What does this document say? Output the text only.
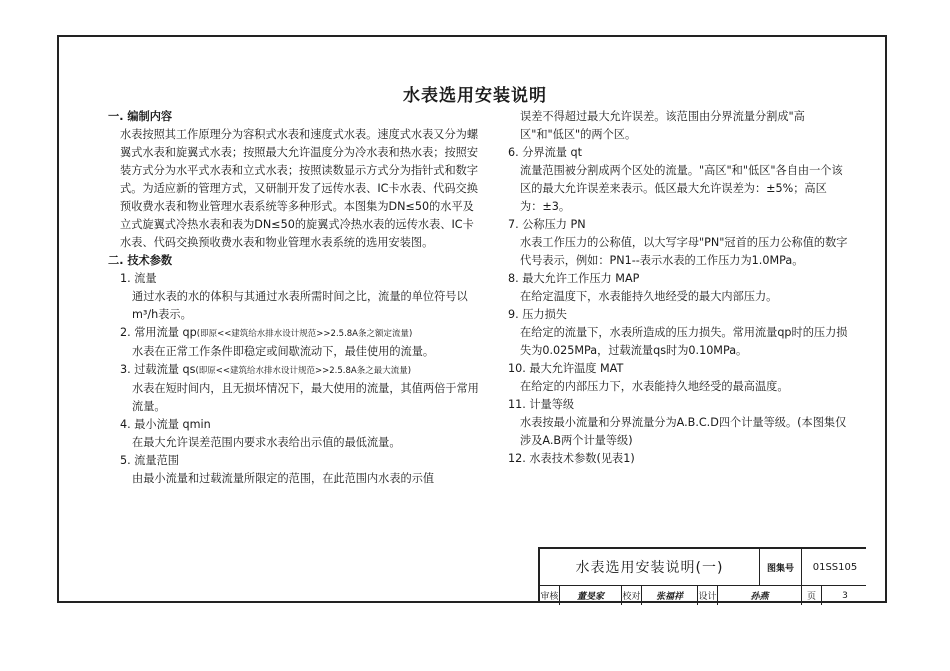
水表选用安装说明

一. 编制内容

水表按照其工作原理分为容积式水表和速度式水表。速度式水表又分为螺翼式水表和旋翼式水表；按照最大允许温度分为冷水表和热水表；按照安装方式分为水平式水表和立式水表；按照读数显示方式分为指针式和数字式。为适应新的管理方式，又研制开发了远传水表、IC卡水表、代码交换预收费水表和物业管理水表系统等多种形式。本图集为DN≤50的水平及立式旋翼式冷热水表和表为DN≤50的旋翼式冷热水表的远传水表、IC卡水表、代码交换预收费水表和物业管理水表系统的选用安装图。

二. 技术参数

1. 流量

通过水表的水的体积与其通过水表所需时间之比，流量的单位符号以m³/h表示。

2. 常用流量 qp(即原<<建筑给水排水设计规范>>2.5.8A条之额定流量)

水表在正常工作条件即稳定或间歇流动下，最佳使用的流量。

3. 过载流量 qs(即原<<建筑给水排水设计规范>>2.5.8A条之最大流量)

水表在短时间内，且无损坏情况下，最大使用的流量，其值两倍于常用流量。

4. 最小流量 qmin

在最大允许误差范围内要求水表给出示值的最低流量。

5. 流量范围

由最小流量和过载流量所限定的范围，在此范围内水表的示值

误差不得超过最大允许误差。该范围由分界流量分割成"高区"和"低区"的两个区。

6. 分界流量 qt

流量范围被分割成两个区处的流量。"高区"和"低区"各自由一个该区的最大允许误差来表示。低区最大允许误差为：±5%；高区为：±3。

7. 公称压力 PN

水表工作压力的公称值，以大写字母"PN"冠首的压力公称值的数字代号表示，例如：PN1--表示水表的工作压力为1.0MPa。

8. 最大允许工作压力 MAP

在给定温度下，水表能持久地经受的最大内部压力。

9. 压力损失

在给定的流量下，水表所造成的压力损失。常用流量qp时的压力损失为0.025MPa，过载流量qs时为0.10MPa。

10. 最大允许温度 MAT

在给定的内部压力下，水表能持久地经受的最高温度。

11. 计量等级

水表按最小流量和分界流量分为A.B.C.D四个计量等级。(本图集仅涉及A.B两个计量等级)

12. 水表技术参数(见表1)

水表选用安装说明(一)	图集号	01SS105
审核	董旻家	校对	张福祥	设计	孙燕	页	3
